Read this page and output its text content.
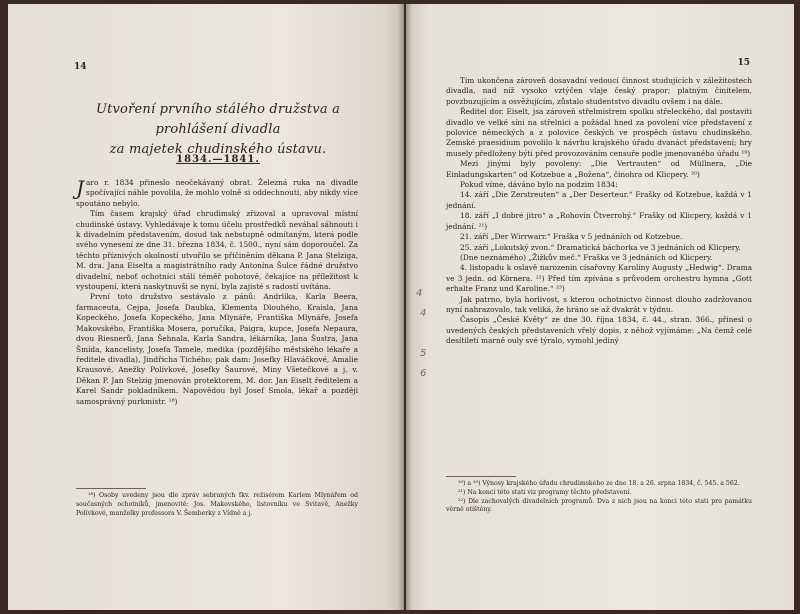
14
Utvoření prvního stálého družstva a prohlášení divadla
za majetek chudinského ústavu.
1834.—1841.

Jaro r. 1834 přineslo neočekávaný obrat. Železná ruka na divadle spočívající náhle povolila, že mohlo volně si oddechnouti, aby nikdy více spoutáno nebylo.

Tím časem krajský úřad chrudimský zřizoval a upravoval místní chudinské ústavy. Vyhledávaje k tomu účelu prostředků neváhal sáhnouti i k divadelním představením, dosud tak nebstupně odmítaným, která podle svého vynesení ze dne 31. března 1834, č. 1500., nyní sám doporoučel. Za těchto příznivých okolností utvořilo se přičiněním děkana P. Jana Stelziga, M. dra. Jana Eiselta a magistrátního rady Antonína Šulce řádné družstvo divadelní, neboť ochotníci stálí téměř pohotově, čekajíce na příležitost k vystoupení, která naskytnuvši se nyní, byla zajisté s radostí uvítána.

První toto družstvo sestávalo z pánů: Andrlíka, Karla Beera, farmaceuta, Cejpa, Josefa Daubka, Klementa Dlouhého, Kraisla, Jana Kopeckého, Josefa Kopeckého, Jana Mlynáře, Františka Mlynáře, Josefa Makovského, Františka Mosera, poručíka, Paigra, kupce, Josefa Nepaura, dvou Riesnerů, Jana Šehnala, Karla Sandra, lékárníka, Jana Šustra, Jana Šmída, kancelisty, Josefa Tamele, medika (pozdějšího městského lékaře a ředitele divadla), Jindřicha Tichého; pak dam: Josefky Hlaváčkové, Amalie Krausové, Anežky Polívkové, Josefky Šaurové, Miny Všetečkové a j. v. Děkan P. Jan Stelzig jmenován protektorem, M. dor. Jan Eiselt ředitelem a Karel Sandr pokladníkem. Napovědou byl Josef Smola, lékař a později samosprávný purkmistr. ¹⁸)

¹⁸) Osoby uvedeny jsou dle zpráv sebraných fkv. režisérem Karlem Mlynářem od současných ochotníků, jmenovitě: Jos. Makovského, listovníku ve Svitavě, Anežky Polívkové, manželky professora V. Šemberky z Vídně a j.

15

Tím ukončena zároveň dosavadní vedoucí činnost studujících v záležitostech divadla, nad níž vysoko vztýčen vlaje český prapor; platným činitelem, povzbuzujícím a osvěžujícím, zůstalo studentstvo divadlu ovšem i na dále.

Ředitel dor. Eiselt, jsa zároveň střelmistrem spolku střeleckého, dal postaviti divadlo ve velké síni na střelnici a požádal hned za povolení více představení z polovice německých a z polovice českých ve prospěch ústavu chudinského. Zemské praesidium povolilo k návrhu krajského úřadu dvanáct představení; hry musely předloženy býti před provozováním censuře podle jmenovaného úřadu ¹⁹)

Mezi jinými byly povoleny: „Die Vertrauten“ od Müllnera, „Die Einladungskarten“ od Kotzebue a „Božena“, činohra od Klicpery. ²⁰)

Pokud víme, dáváno bylo na podzim 1834:

14. září „Die Zerstreuten“ a „Der Deserteur.“ Frašky od Kotzebue, každá v 1 jednání.

18. září „I dobré jitro“ a „Rohovín Čtverrohý.“ Frašky od Klicpery, každá v 1 jednání. ²¹)

21. září „Der Wirrwarr.“ Fraška v 5 jednáních od Kotzebue.

25. září „Lokutský zvon.“ Dramatická báchorka ve 3 jednáních od Klicpery.

(Dne neznámého) „Žižkův meč.“ Fraška ve 3 jednáních od Klicpery.

4. listopadu k oslavě narozenin císařovny Karoliny Augusty „Hedwig“. Drama ve 3 jedn. od Körnera. ²²) Před tím zpívána s průvodem orchestru hymna „Gott erhalte Franz und Karoline.“ ²³)

Jak patrno, byla horlivost, s kterou ochotnictvo činnost dlouho zadržovanou nyní nahrazovalo, tak veliká, že hráno se až dvakrát v týdnu.

Časopis „České Květy“ ze dne 30. října 1834, č. 44., stran. 366., přinesl o uvedených českých představeních vřelý dopis, z něhož vyjímáme: „Na čemž celé desítiletí marně ouly své týralo, vymohl jediný

¹⁹) a ²⁰) Výnosy krajského úřadu chrudimského ze dne 18. a 26. srpna 1834, č. 545. a 562.

²¹) Na konci této stati viz programy těchto představení.

²²) Dle zachovalých divadelních programů. Dva z nich jsou na konci této stati pro památku věrně otištěny.

4
4
5
6
